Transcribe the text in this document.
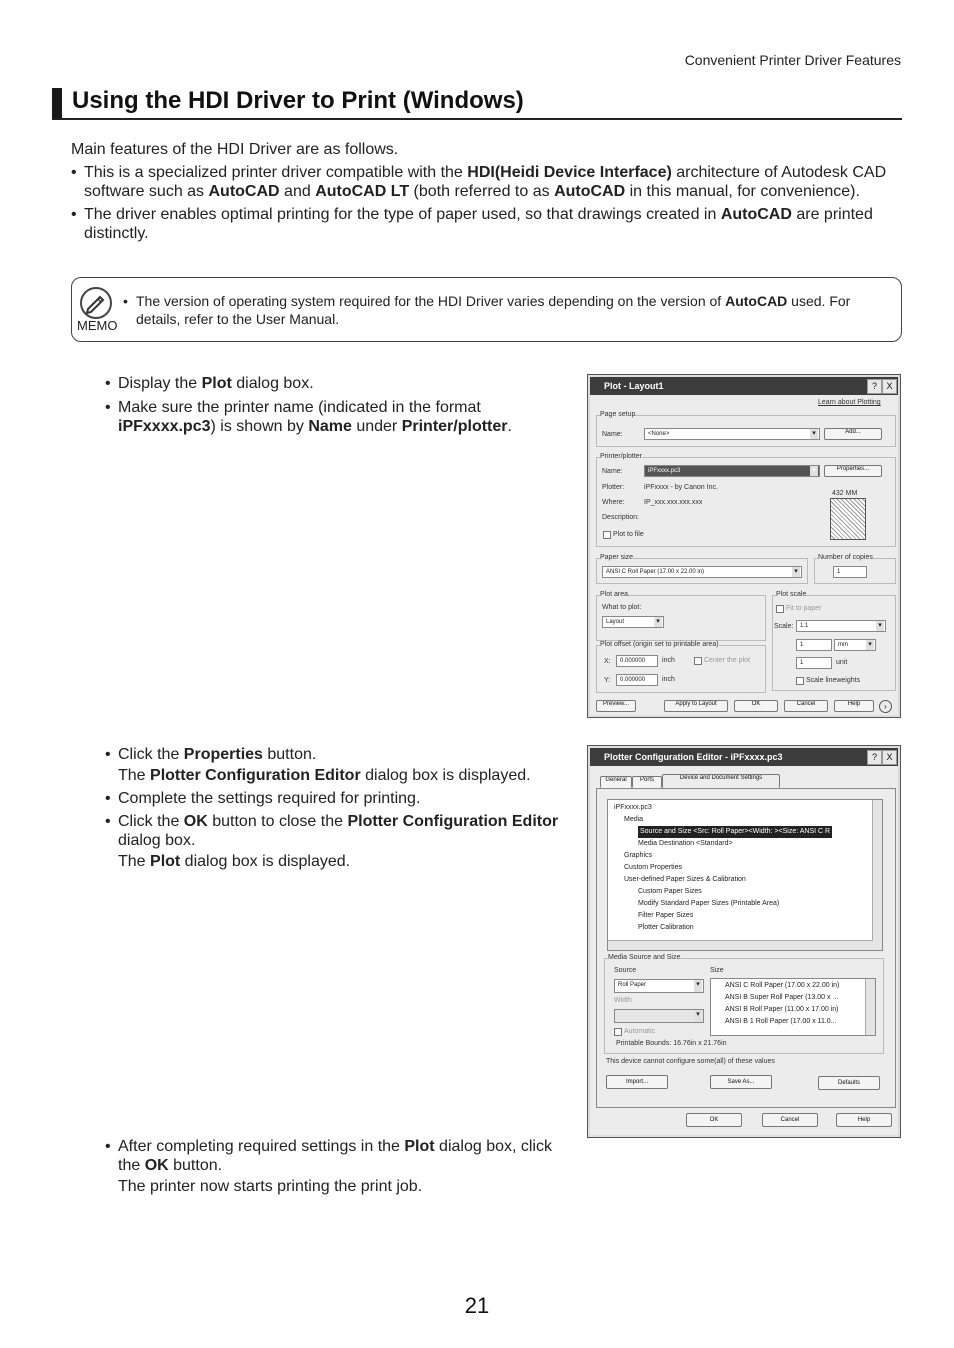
Convenient Printer Driver Features
Using the HDI Driver to Print (Windows)
Main features of the HDI Driver are as follows.
• This is a specialized printer driver compatible with the HDI(Heidi Device Interface) architecture of Autodesk CAD software such as AutoCAD and AutoCAD LT (both referred to as AutoCAD in this manual, for convenience).
• The driver enables optimal printing for the type of paper used, so that drawings created in AutoCAD are printed distinctly.
MEMO
• The version of operating system required for the HDI Driver varies depending on the version of AutoCAD used. For details, refer to the User Manual.
• Display the Plot dialog box.
• Make sure the printer name (indicated in the format iPFxxxx.pc3) is shown by Name under Printer/plotter.
Plot - Layout1	?	X
Learn about Plotting
Page setup
Name:	<None> ▾	Add...
Printer/plotter
Name:	iPFxxxx.pc3 ▾	Properties...
Plotter:	iPFxxxx - by Canon Inc.
Where:	IP_xxx.xxx.xxx.xxx
Description:
Plot to file
432 MM
Paper size
ANSI C Roll Paper (17.00 x 22.00 in) ▾
Number of copies
1
Plot area
What to plot:
Layout ▾
Plot scale
Fit to paper
Scale:	1:1 ▾
1	mm ▾
1	unit
Scale lineweights
Plot offset (origin set to printable area)
X:	0.000000	inch	Center the plot
Y:	0.000000	inch
Preview...	Apply to Layout	OK	Cancel	Help	›
• Click the Properties button.
The Plotter Configuration Editor dialog box is displayed.
• Complete the settings required for printing.
• Click the OK button to close the Plotter Configuration Editor dialog box.
The Plot dialog box is displayed.
Plotter Configuration Editor - iPFxxxx.pc3	?	X
General	Ports	Device and Document Settings
iPFxxxx.pc3
Media
Source and Size <Src: Roll Paper><Width: ><Size: ANSI C R
Media Destination <Standard>
Graphics
Custom Properties
User-defined Paper Sizes & Calibration
Custom Paper Sizes
Modify Standard Paper Sizes (Printable Area)
Filter Paper Sizes
Plotter Calibration
Media Source and Size
Source
Roll Paper ▾
Width
▾
Automatic
Size
ANSI C Roll Paper (17.00 x 22.00 in)
ANSI B Super Roll Paper (13.00 x ...
ANSI B Roll Paper (11.00 x 17.00 in)
ANSI B 1 Roll Paper (17.00 x 11.0...
Printable Bounds: 16.76in x 21.76in
This device cannot configure some(all) of these values
Import...	Save As...	Defaults
OK	Cancel	Help
• After completing required settings in the Plot dialog box, click the OK button.
The printer now starts printing the print job.
21
